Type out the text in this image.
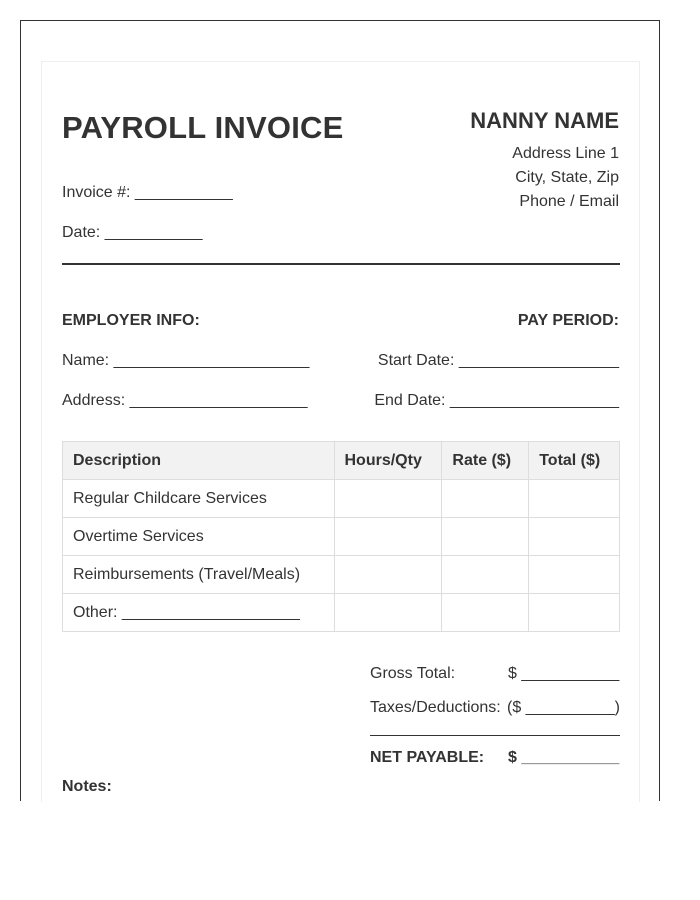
PAYROLL INVOICE	NANNY NAME
Address Line 1
City, State, Zip
Phone / Email
Invoice #: ___________
Date: ___________
EMPLOYER INFO:	PAY PERIOD:
Name: ______________________	Start Date: __________________
Address: ____________________	End Date: ___________________
Description	Hours/Qty	Rate ($)	Total ($)
Regular Childcare Services			
Overtime Services			
Reimbursements (Travel/Meals)			
Other: ____________________			
Gross Total:	$ ___________
Taxes/Deductions: ($ __________)
NET PAYABLE: $ ___________
Notes:
